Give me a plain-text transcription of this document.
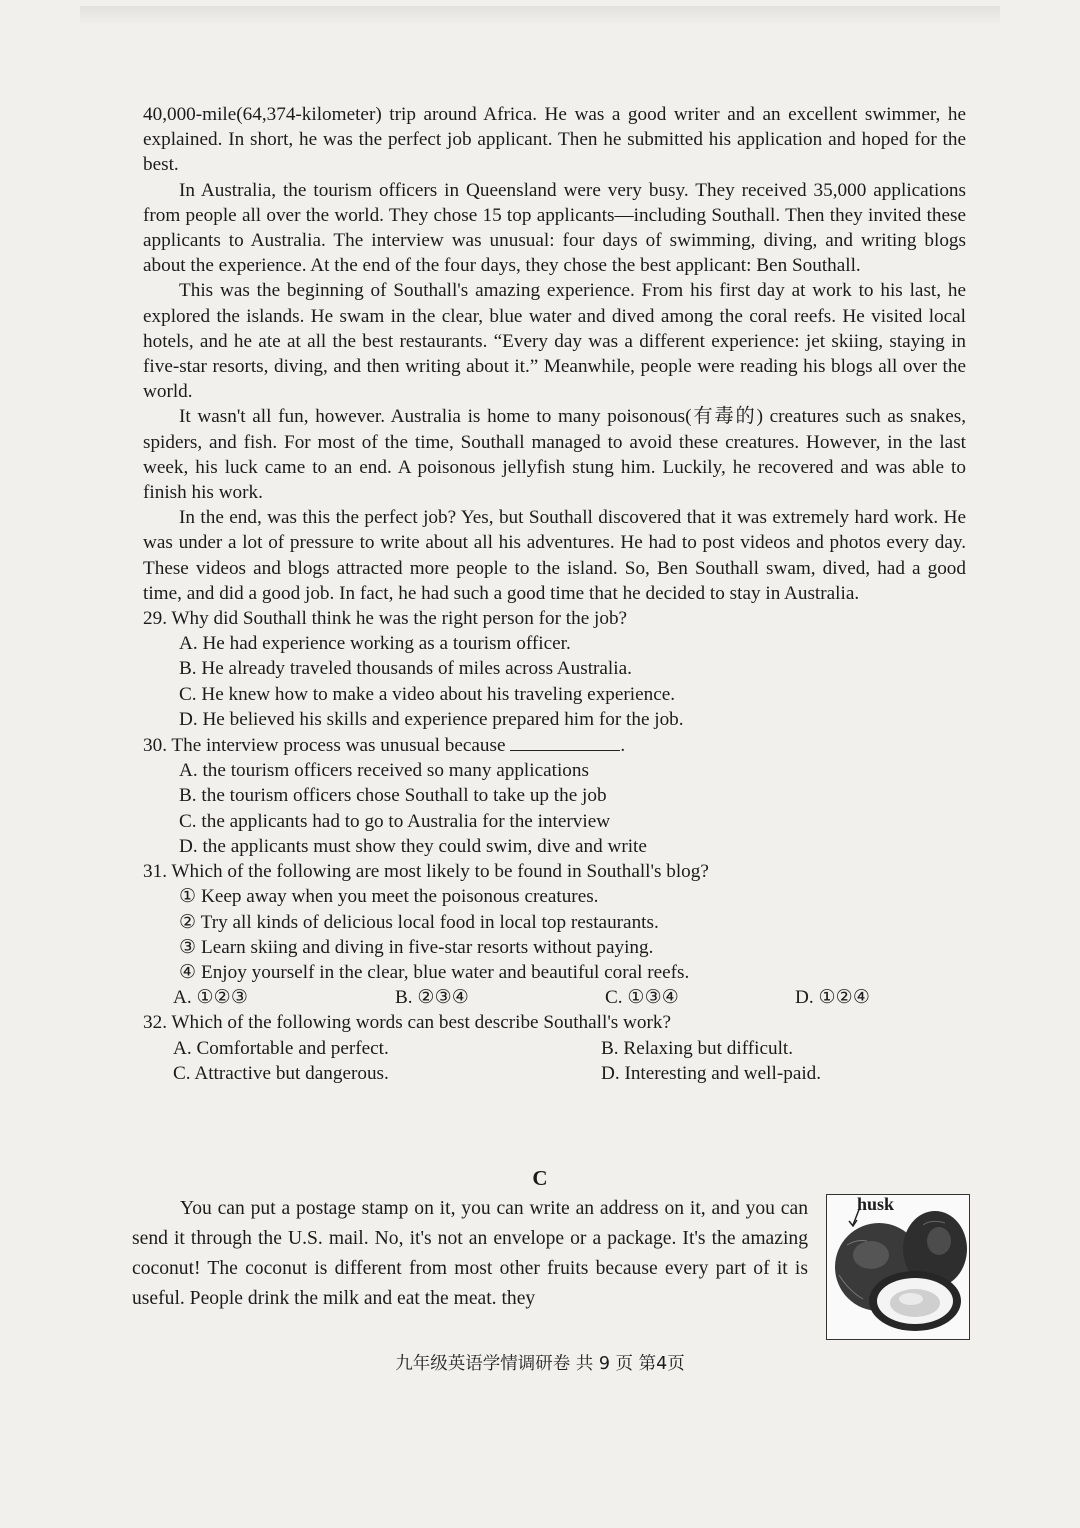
40,000-mile(64,374-kilometer) trip around Africa. He was a good writer and an excellent swimmer, he explained. In short, he was the perfect job applicant. Then he submitted his application and hoped for the best.

In Australia, the tourism officers in Queensland were very busy. They received 35,000 applications from people all over the world. They chose 15 top applicants—including Southall. Then they invited these applicants to Australia. The interview was unusual: four days of swimming, diving, and writing blogs about the experience. At the end of the four days, they chose the best applicant: Ben Southall.

This was the beginning of Southall's amazing experience. From his first day at work to his last, he explored the islands. He swam in the clear, blue water and dived among the coral reefs. He visited local hotels, and he ate at all the best restaurants. “Every day was a different experience: jet skiing, staying in five-star resorts, diving, and then writing about it.” Meanwhile, people were reading his blogs all over the world.

It wasn't all fun, however. Australia is home to many poisonous(有毒的) creatures such as snakes, spiders, and fish. For most of the time, Southall managed to avoid these creatures. However, in the last week, his luck came to an end. A poisonous jellyfish stung him. Luckily, he recovered and was able to finish his work.

In the end, was this the perfect job? Yes, but Southall discovered that it was extremely hard work. He was under a lot of pressure to write about all his adventures. He had to post videos and photos every day. These videos and blogs attracted more people to the island. So, Ben Southall swam, dived, had a good time, and did a good job. In fact, he had such a good time that he decided to stay in Australia.

29. Why did Southall think he was the right person for the job?

A. He had experience working as a tourism officer.

B. He already traveled thousands of miles across Australia.

C. He knew how to make a video about his traveling experience.

D. He believed his skills and experience prepared him for the job.

30. The interview process was unusual because	.

A. the tourism officers received so many applications

B. the tourism officers chose Southall to take up the job

C. the applicants had to go to Australia for the interview

D. the applicants must show they could swim, dive and write

31. Which of the following are most likely to be found in Southall's blog?

① Keep away when you meet the poisonous creatures.

② Try all kinds of delicious local food in local top restaurants.

③ Learn skiing and diving in five-star resorts without paying.

④ Enjoy yourself in the clear, blue water and beautiful coral reefs.

A. ①②③	B. ②③④	C. ①③④	D. ①②④

32. Which of the following words can best describe Southall's work?

A. Comfortable and perfect.	B. Relaxing but difficult.
C. Attractive but dangerous.	D. Interesting and well-paid.
C

You can put a postage stamp on it, you can write an address on it, and you can send it through the U.S. mail. No, it's not an envelope or a package. It's the amazing coconut! The coconut is different from most other fruits because every part of it is useful. People drink the milk and eat the meat. they

husk
九年级英语学情调研卷 共 9 页 第4页
